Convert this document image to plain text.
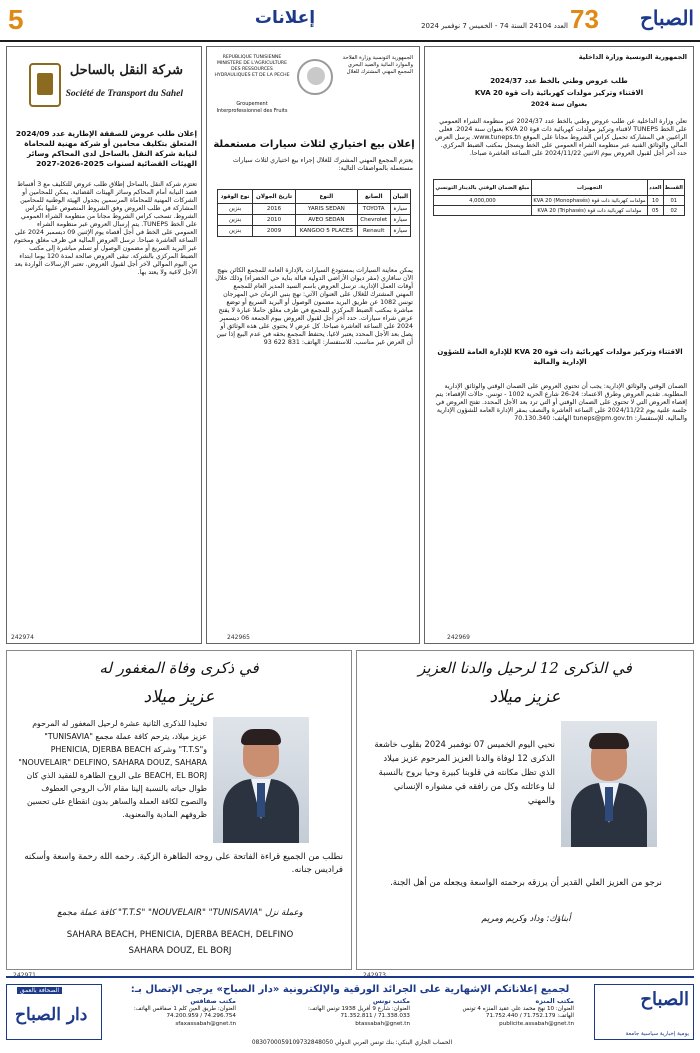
5	إعلانات	العدد 24104 السنة 74 - الخميس 7 نوفمبر 2024 73 الصباح
شركة النقل بالساحل
Société de Transport du Sahel
إعلان طلب عروض للصفقة الإطارية عدد 2024/09 المتعلق بتكليف محامين أو شركة مهنية للمحاماة لنيابة شركة النقل بالساحل لدى المحاكم وسائر الهيئات القضائية لسنوات 2025-2026-2027
تعتزم شركة النقل بالساحل إطلاق طلب عروض للتكليف مع 3 أقساط قصد النيابة أمام المحاكم وسائر الهيئات القضائية. يمكن للمحامين أو الشركات المهنية للمحاماة المرسمين بجدول الهيئة الوطنية للمحامين المشاركة في طلب العروض وفق الشروط المنصوص عليها بكراس الشروط. تسحب كراس الشروط مجانا من منظومة الشراء العمومي على الخط TUNEPS. يتم إرسال العروض عبر منظومة الشراء العمومي على الخط في أجل أقصاه يوم الإثنين 09 ديسمبر 2024 على الساعة العاشرة صباحا. ترسل العروض المالية في ظرف مغلق ومختوم عبر البريد السريع أو مضمون الوصول أو تسلم مباشرة إلى مكتب الضبط المركزي بالشركة. تبقى العروض صالحة لمدة 120 يوما ابتداء من اليوم الموالي لآخر أجل لقبول العروض. تعتبر الإرسالات الواردة بعد الأجل لاغية ولا يعتد بها.
242974
REPUBLIQUE TUNISIENNE MINISTERE DE L'AGRICULTURE DES RESSOURCES HYDRAULIQUES ET DE LA PECHE
الجمهورية التونسية وزارة الفلاحة والموارد المائية والصيد البحري المجمع المهني المشترك للغلال
Groupement Interprofessionnel des Fruits
إعلان بيع اختياري لثلاث سيارات مستعملة
يعتزم المجمع المهني المشترك للغلال إجراء بيع اختياري لثلاث سيارات مستعملة بالمواصفات التالية:
البيان	الصانع	النوع	تاريخ الجولان	نوع الوقود
سيارة	TOYOTA	YARIS SEDAN	2016	بنزين
سيارة	Chevrolet	AVEO SEDAN	2010	بنزين
سيارة	Renault	KANGOO 5 PLACES	2009	بنزين
يمكن معاينة السيارات بمستودع السيارات بالإدارة العامة للمجمع الكائن بنهج الآن سافاري (مقر ديوان الأراضي الدولية قبالة بناية حي الخضراء) وذلك خلال أوقات العمل الإدارية. ترسل العروض باسم السيد المدير العام للمجمع المهني المشترك للغلال على العنوان الآتي: نهج بنبي الزمان حي المهرجان تونس 1082 عن طريق البريد مضمون الوصول أو البريد السريع أو توضع مباشرة بمكتب الضبط المركزي للمجمع في ظرف مغلق حاملا عبارة لا يفتح عرض شراء سيارات. حدد آخر أجل لقبول العروض بيوم الجمعة 06 ديسمبر 2024 على الساعة العاشرة صباحا. كل عرض لا يحتوي على هذه الوثائق أو يصل بعد الأجل المحدد يعتبر لاغيا. يحتفظ المجمع بحقه في عدم البيع إذا تبين أن العرض غير مناسب. للاستفسار: الهاتف: 831 622 93
242965
الجمهورية التونسية وزارة الداخلية
طلب عروض وطني بالخط عدد 2024/37
الاقتناء وتركيز مولدات كهربائية ذات قوة KVA 20
بعنوان سنة 2024
تعلن وزارة الداخلية عن طلب عروض وطني بالخط عدد 2024/37 عبر منظومة الشراء العمومي على الخط TUNEPS لاقتناء وتركيز مولدات كهربائية ذات قوة KVA 20 بعنوان سنة 2024. فعلى الراغبين في المشاركة تحميل كراس الشروط مجانا على الموقع www.tuneps.tn. يرسل العرض المالي والوثائق الفنية عبر منظومة الشراء العمومي على الخط ويسجل بمكتب الضبط المركزي. حدد آخر أجل لقبول العروض بيوم الاثنين 2024/11/22 على الساعة العاشرة صباحا.
القسط	العدد	التجهيزات	مبلغ الضمان الوقتي بالدينار التونسي
01	10	مولدات كهربائية ذات قوة KVA 20 (Monophasés)	4,000,000
02	05	مولدات كهربائية ذات قوة KVA 20 (Triphasés)	
الاقتناء وتركيز مولدات كهربائية ذات قوة KVA 20 للإدارة العامة للشؤون الإدارية والمالية
الضمان الوقتي والوثائق الإدارية: يجب أن تحتوي العروض على الضمان الوقتي والوثائق الإدارية المطلوبة. تقديم العروض وطرق الاعتماد: 24-26 شارع الحرية 1002 - تونس. حالات الإقصاء: يتم إقصاء العروض التي لا تحتوي على الضمان الوقتي أو التي ترد بعد الأجل المحدد. تفتح العروض في جلسة علنية يوم 2024/11/22 على الساعة العاشرة والنصف بمقر الإدارة العامة للشؤون الإدارية والمالية. للإستفسار: tuneps@pm.gov.tn الهاتف: 70.130.340
242969
في ذكرى وفاة المغفور له
عزيز ميلاد
تخليدا للذكرى الثانية عشرة لرحيل المغفور له المرحوم عزيز ميلاد، يترحم كافة عملة مجمع "TUNISAVIA" و"T.T.S" وشركة PHENICIA, DJERBA BEACH "NOUVELAIR" DELFINO, SAHARA DOUZ, SAHARA BEACH, EL BORJ على الروح الطاهرة للفقيد الذي كان طوال حياته بالنسبة إلينا مقام الأب الروحي العطوف والنصوح لكافة العملة والساهر بدون انقطاع على تحسين ظروفهم المادية والمعنوية.
نطلب من الجميع قراءة الفاتحة على روحه الطاهرة الزكية. رحمه الله رحمة واسعة وأسكنه فراديس جنانه.
كافة عملة مجمع "T.T.S" "NOUVELAIR" "TUNISAVIA" وعملة نزل
SAHARA BEACH, PHENICIA, DJERBA BEACH, DELFINO
SAHARA DOUZ, EL BORJ
242971
في الذكرى 12 لرحيل والدنا العزيز
عزيز ميلاد
نحيي اليوم الخميس 07 نوفمبر 2024 بقلوب خاشعة الذكرى 12 لوفاة والدنا العزيز المرحوم عزيز ميلاد الذي تظل مكانته في قلوبنا كبيرة وحيا بروح بالنسبة لنا وعائلته وكل من رافقه في مشواره الإنساني والمهني
نرجو من العزيز العلي القدير أن يرزقه برحمته الواسعة ويجعله من أهل الجنة.
أبناؤك: وداد وكريم ومريم
242973
الصحافة بالعمق
دار الصباح
لجميع إعلاناتكم الإشهارية على الجرائد الورقية والإلكترونية «دار الصباح» يرجى الإتصال بـ:
مكتب المنزه
العنوان: 10 نهج محمد علي عقيد المنزه 4 تونس الهاتف: 71.752.179 / 71.752.440 publicite.assabah@gnet.tn
مكتب تونس
العنوان: شارع 9 أفريل 1938 تونس الهاتف: 71.338.033 / 71.352.811 btassabah@gnet.tn
مكتب صفاقس
العنوان: طريق العين كلم 1 صفاقس الهاتف: 74.296.754 / 74.200.959 sfaxassabah@gnet.tn
الحساب الجاري البنكي: بنك تونس العربي الدولي 0830700059109732848050
الصباح
يومية إخبارية سياسية جامعة
